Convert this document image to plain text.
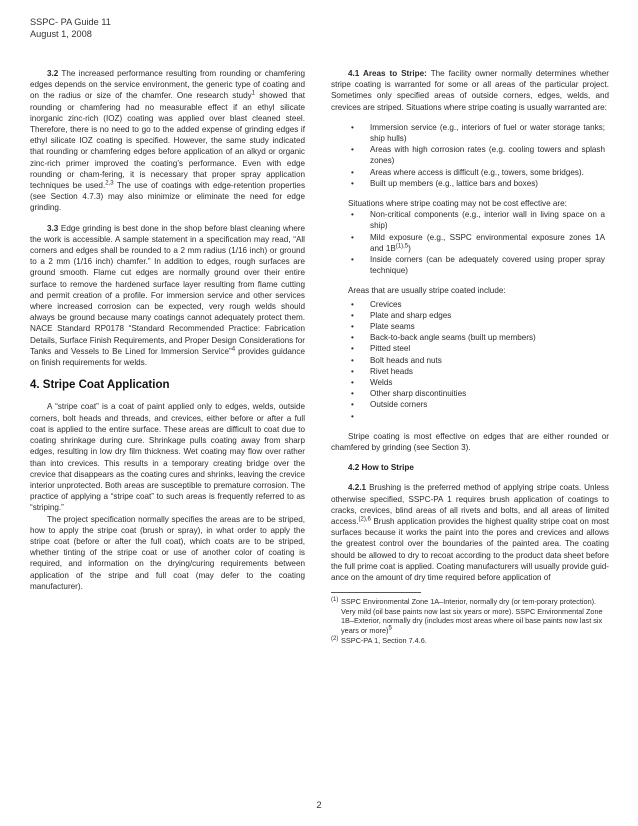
SSPC- PA Guide 11
August 1, 2008

3.2 The increased performance resulting from rounding or chamfering edges depends on the service environment, the generic type of coating and on the radius or size of the chamfer. One research study$^1$ showed that rounding or chamfering had no measurable effect if an ethyl silicate inorganic zinc-rich (IOZ) coating was applied over blast cleaned steel. Therefore, there is no need to go to the added expense of grinding edges if ethyl silicate IOZ coating is specified. However, the same study indicated that rounding or chamfering edges before application of an alkyd or organic zinc-rich primer improved the coating’s performance. Even with edge rounding or cham-fering, it is necessary that proper spray application techniques be used.$^{2,3}$ The use of coatings with edge-retention properties (see Section 4.7.3) may also minimize or eliminate the need for edge grinding.

3.3 Edge grinding is best done in the shop before blast cleaning where the work is accessible. A sample statement in a specification may read, “All corners and edges shall be rounded to a 2 mm radius (1/16 inch) or ground to a 2 mm (1/16 inch) chamfer.” In addition to edges, rough surfaces are ground smooth. Flame cut edges are normally ground over their entire surface to remove the hardened surface layer resulting from flame cutting and permit creation of a profile. For immersion service and other services where increased corrosion can be expected, very rough welds should always be ground because many coatings cannot adequately protect them. NACE Standard RP0178 “Standard Recommended Practice: Fabrication Details, Surface Finish Requirements, and Proper Design Considerations for Tanks and Vessels to Be Lined for Immersion Service”$^4$ provides guidance on finish requirements for welds.

4. Stripe Coat Application

A “stripe coat” is a coat of paint applied only to edges, welds, outside corners, bolt heads and threads, and crevices, either before or after a full coat is applied to the entire surface. These areas are difficult to coat due to coating shrinkage during cure. Shrinkage pulls coating away from sharp edges, resulting in low dry film thickness. Wet coating may flow over rather than into crevices. This results in a temporary creating bridge over the crevice that disappears as the coating cures and shrinks, leaving the crevice interior unprotected. Both areas are susceptible to premature corrosion. The practice of applying a “stripe coat” to such areas is frequently referred to as “striping.”

The project specification normally specifies the areas are to be striped, how to apply the stripe coat (brush or spray), in what order to apply the stripe coat (before or after the full coat), which coats are to be striped, whether tinting of the stripe coat or use of another color of coating is required, and information on the drying/curing requirements between application of the stripe and full coat (may defer to the coating manufacturer).

4.1 Areas to Stripe: The facility owner normally determines whether stripe coating is warranted for some or all areas of the particular project. Sometimes only specified areas of outside corners, edges, welds, and crevices are striped. Situations where stripe coating is usually warranted are:

• Immersion service (e.g., interiors of fuel or water storage tanks; ship hulls)
• Areas with high corrosion rates (e.g. cooling towers and splash zones)
• Areas where access is difficult (e.g., towers, some bridges).
• Built up members (e.g., lattice bars and boxes)

Situations where stripe coating may not be cost effective are:

• Non-critical components (e.g., interior wall in living space on a ship)
• Mild exposure (e.g., SSPC environmental exposure zones 1A and $1B^{(1),5}$)
• Inside corners (can be adequately covered using proper spray technique)

Areas that are usually stripe coated include:

• Crevices
• Plate and sharp edges
• Plate seams
• Back-to-back angle seams (built up members)
• Pitted steel
• Bolt heads and nuts
• Rivet heads
• Welds
• Other sharp discontinuities
• Outside corners
•

Stripe coating is most effective on edges that are either rounded or chamfered by grinding (see Section 3).

4.2 How to Stripe

4.2.1 Brushing is the preferred method of applying stripe coats. Unless otherwise specified, SSPC-PA 1 requires brush application of coatings to cracks, crevices, blind areas of all rivets and bolts, and all areas of limited access.$^{(2),6}$ Brush application provides the highest quality stripe coat on most surfaces because it works the paint into the pores and crevices and allows the greatest control over the boundaries of the painted area. The coating should be allowed to dry to recoat according to the product data sheet before the full prime coat is applied. Coating manufacturers will usually provide guid-ance on the amount of dry time required before application of

(1) SSPC Environmental Zone 1A–Interior, normally dry (or tem-porary protection). Very mild (oil base paints now last six years or more). SSPC Environmental Zone 1B–Exterior, normally dry (includes most areas where oil base paints now last six years or more)$^5$
(2) SSPC-PA 1, Section 7.4.6.
2
